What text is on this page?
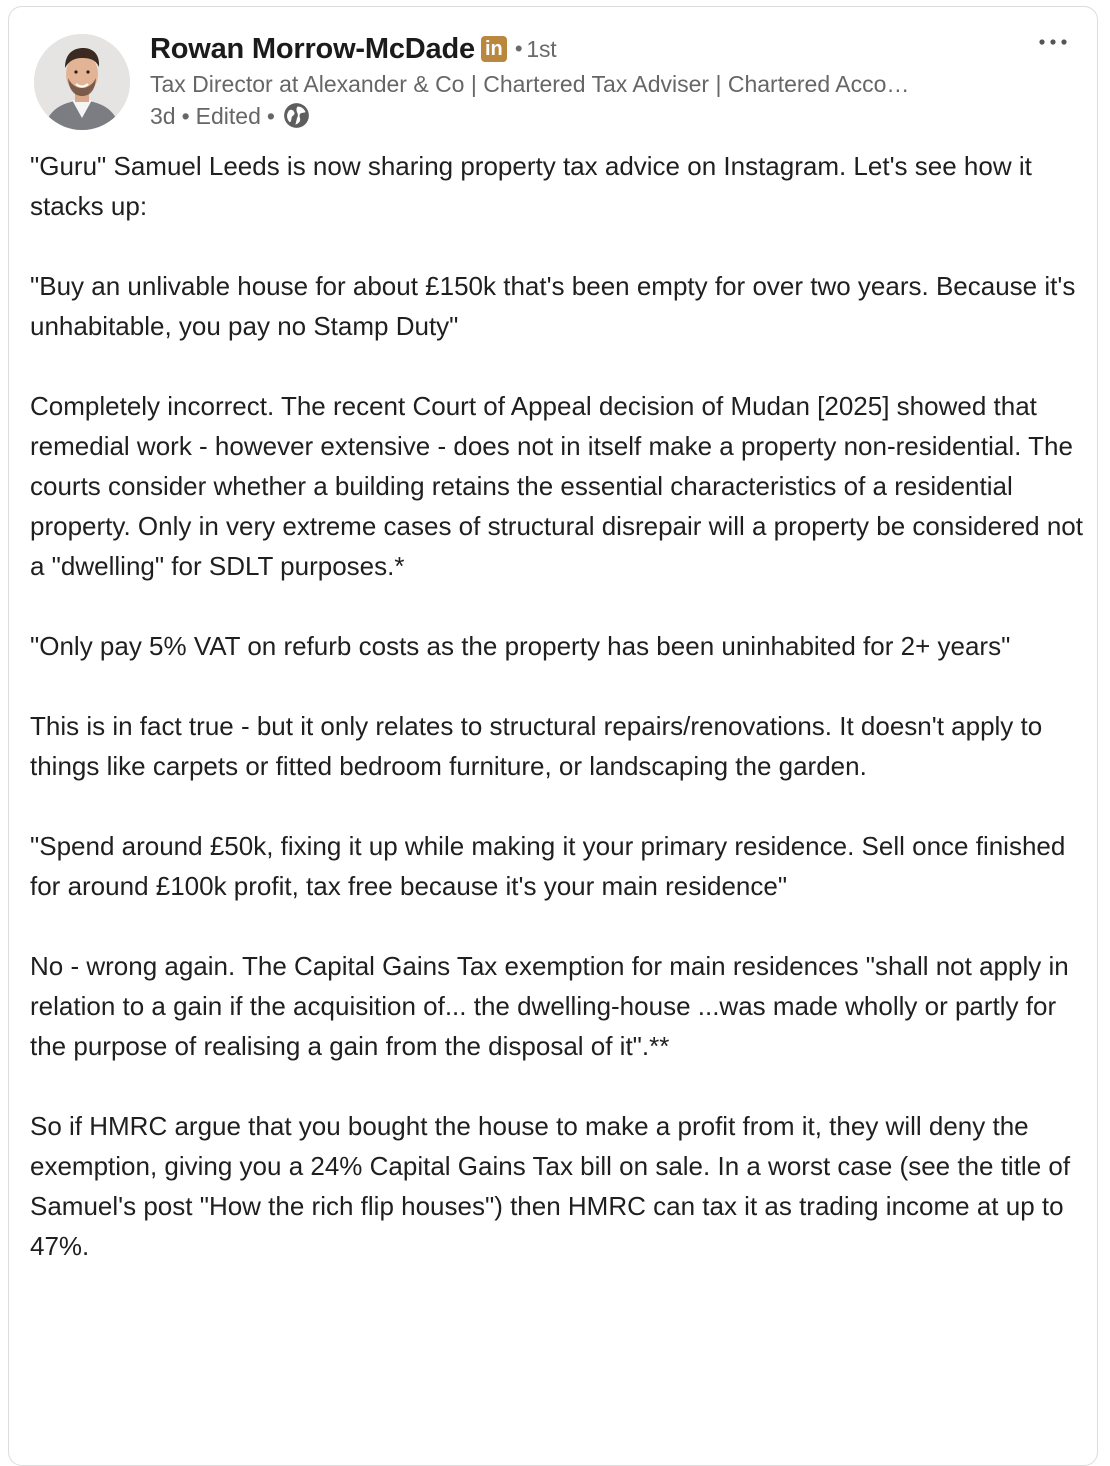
Rowan Morrow-McDade in • 1st
Tax Director at Alexander & Co | Chartered Tax Adviser | Chartered Acco…
3d • Edited •

"Guru" Samuel Leeds is now sharing property tax advice on Instagram. Let's see how it stacks up:

"Buy an unlivable house for about £150k that's been empty for over two years. Because it's unhabitable, you pay no Stamp Duty"

Completely incorrect. The recent Court of Appeal decision of Mudan [2025] showed that remedial work - however extensive - does not in itself make a property non-residential. The courts consider whether a building retains the essential characteristics of a residential property. Only in very extreme cases of structural disrepair will a property be considered not a "dwelling" for SDLT purposes.*

"Only pay 5% VAT on refurb costs as the property has been uninhabited for 2+ years"

This is in fact true - but it only relates to structural repairs/renovations. It doesn't apply to things like carpets or fitted bedroom furniture, or landscaping the garden.

"Spend around £50k, fixing it up while making it your primary residence. Sell once finished for around £100k profit, tax free because it's your main residence"

No - wrong again. The Capital Gains Tax exemption for main residences "shall not apply in relation to a gain if the acquisition of... the dwelling-house ...was made wholly or partly for the purpose of realising a gain from the disposal of it".**

So if HMRC argue that you bought the house to make a profit from it, they will deny the exemption, giving you a 24% Capital Gains Tax bill on sale. In a worst case (see the title of Samuel's post "How the rich flip houses") then HMRC can tax it as trading income at up to 47%.
